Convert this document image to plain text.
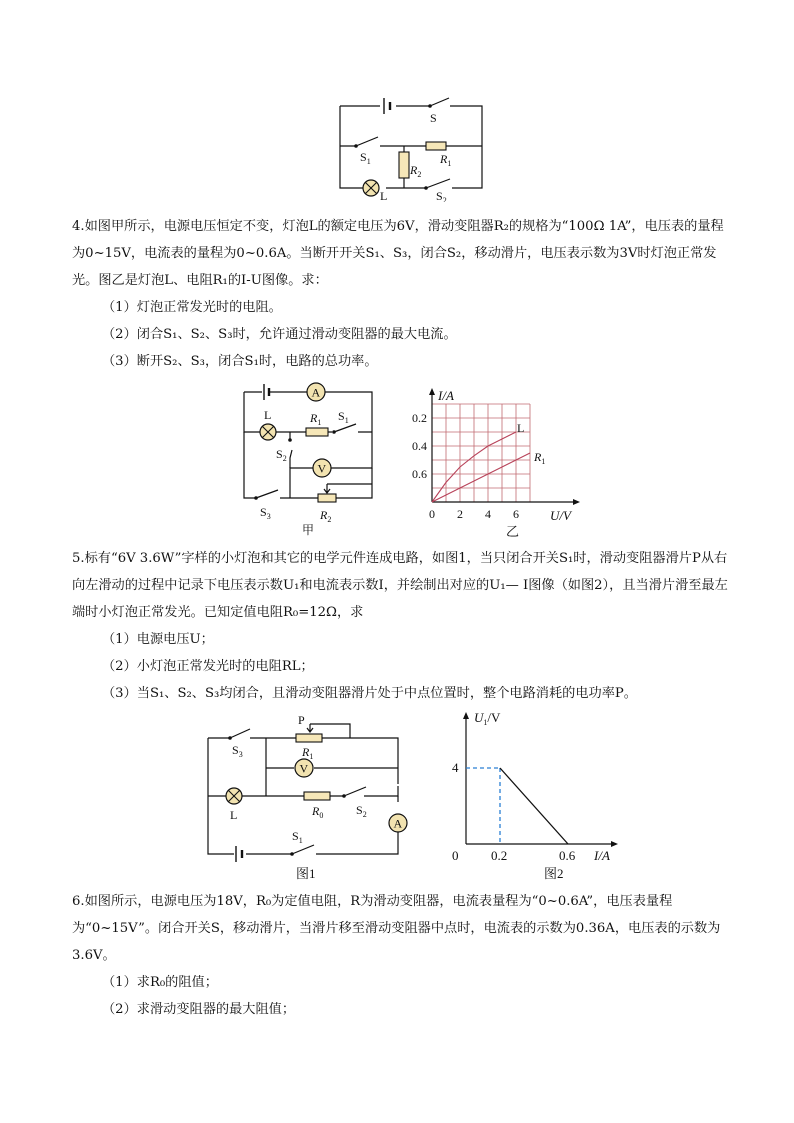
S
$S_1$	$R_1$
$R_2$
L	$S_2$

4.如图甲所示，电源电压恒定不变，灯泡L的额定电压为6V，滑动变阻器R₂的规格为“100Ω 1A”，电压表的量程为0~15V，电流表的量程为0~0.6A。当断开开关S₁、S₃，闭合S₂，移动滑片，电压表示数为3V时灯泡正常发光。图乙是灯泡L、电阻R₁的I-U图像。求：

（1）灯泡正常发光时的电阻。

（2）闭合S₁、S₂、S₃时，允许通过滑动变阻器的最大电流。

（3）断开S₂、S₃，闭合S₁时，电路的总功率。

A
L	$R_1$ $S_1$
$S_2$
V
$S_3$	$R_2$
甲
0.6
0.4
0.2
0 2 4 6
I/A
U/V
L
$R_1$
乙

5.标有“6V 3.6W”字样的小灯泡和其它的电学元件连成电路，如图1，当只闭合开关S₁时，滑动变阻器滑片P从右向左滑动的过程中记录下电压表示数U₁和电流表示数I，并绘制出对应的U₁— I图像（如图2），且当滑片滑至最左端时小灯泡正常发光。已知定值电阻R₀=12Ω，求

（1）电源电压U；

（2）小灯泡正常发光时的电阻RL；

（3）当S₁、S₂、S₃均闭合，且滑动变阻器滑片处于中点位置时，整个电路消耗的电功率P。

$S_3$
P
$R_1$
V
L	$R_0$	$S_2$
A
$S_1$
图1
4
0	0.2	0.6
$U_1/V$
I/A
图2

6.如图所示，电源电压为18V，R₀为定值电阻，R为滑动变阻器，电流表量程为“0~0.6A”，电压表量程为“0~15V”。闭合开关S，移动滑片，当滑片移至滑动变阻器中点时，电流表的示数为0.36A，电压表的示数为3.6V。

（1）求R₀的阻值；

（2）求滑动变阻器的最大阻值；
